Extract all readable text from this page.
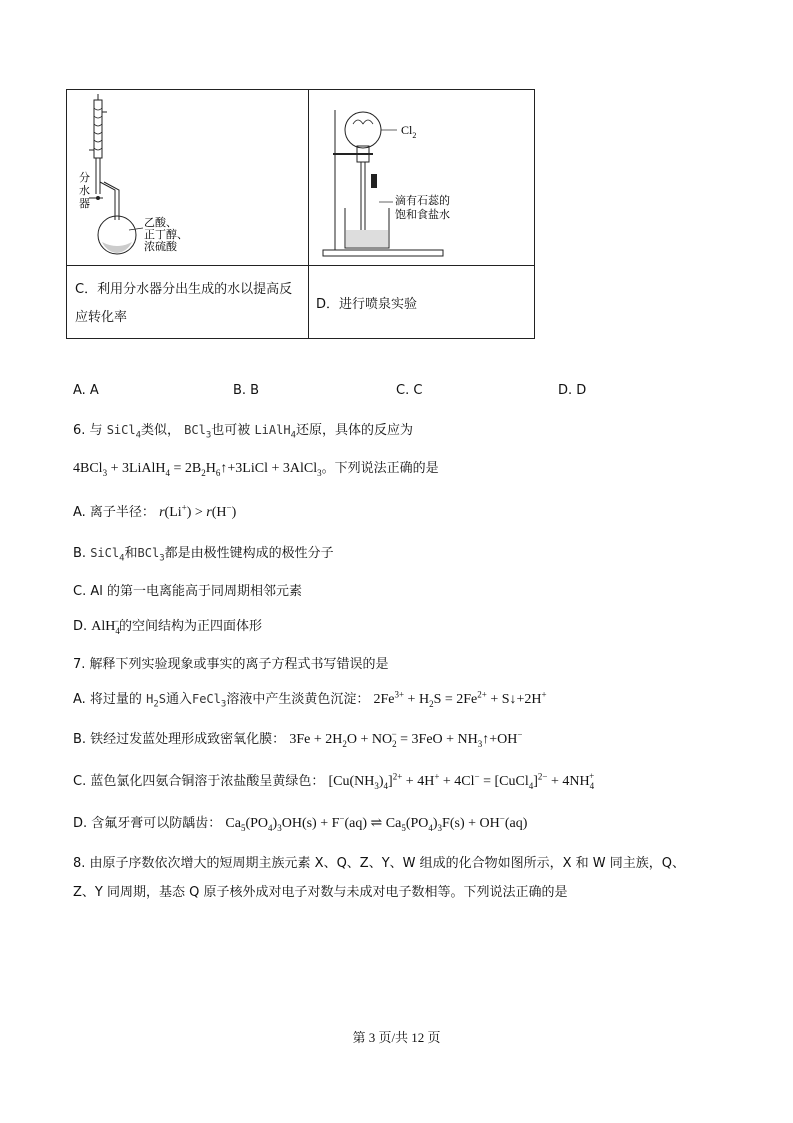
分
水
器
乙酸、
正丁醇、
浓硫酸
$Cl_2$
滴有石蕊的
饱和食盐水
C．利用分水器分出生成的水以提高反
应转化率
D．进行喷泉实验
A. A	B. B	C. C	D. D
6. 与 SiCl$_4$类似， BCl$_3$也可被 LiAlH$_4$还原，具体的反应为
4BCl$_3$ + 3LiAlH$_4$ = $2B_2H_6↑+3LiCl$ + 3AlCl$_3$。下列说法正确的是
A. 离子半径： r(Li+) > r(H−)
B. SiCl$_4$和BCl$_3$都是由极性键构成的极性分子
C. Al 的第一电离能高于同周期相邻元素
D. AlH$_4$−的空间结构为正四面体形
7. 解释下列实验现象或事实的离子方程式书写错误的是
A. 将过量的 $H_2S$通入FeCl$_3$溶液中产生淡黄色沉淀： $2Fe^{3+} + H_2S = 2Fe^{2+}$ + S↓+2H+
B. 铁经过发蓝处理形成致密氧化膜： $3Fe + 2H_2O + NO_2^- = 3FeO$ + $NH_3↑+OH^-$
C. 蓝色氯化四氨合铜溶于浓盐酸呈黄绿色： $[Cu(NH_3)_4]^{2+} + 4H^+ + 4Cl^-$ = [CuCl$_4$]$^{2-}$ + $4NH_4^+$
D. 含氟牙膏可以防龋齿： $Ca_5(PO_4)_3OH(s) + F^-(aq)$ ⇌ $Ca_5(PO_4)_3F(s) + OH^-(aq)$
8. 由原子序数依次增大的短周期主族元素 X、Q、Z、Y、W 组成的化合物如图所示，X 和 W 同主族，Q、
Z、Y 同周期，基态 Q 原子核外成对电子对数与未成对电子数相等。下列说法正确的是
第 3 页/共 12 页
